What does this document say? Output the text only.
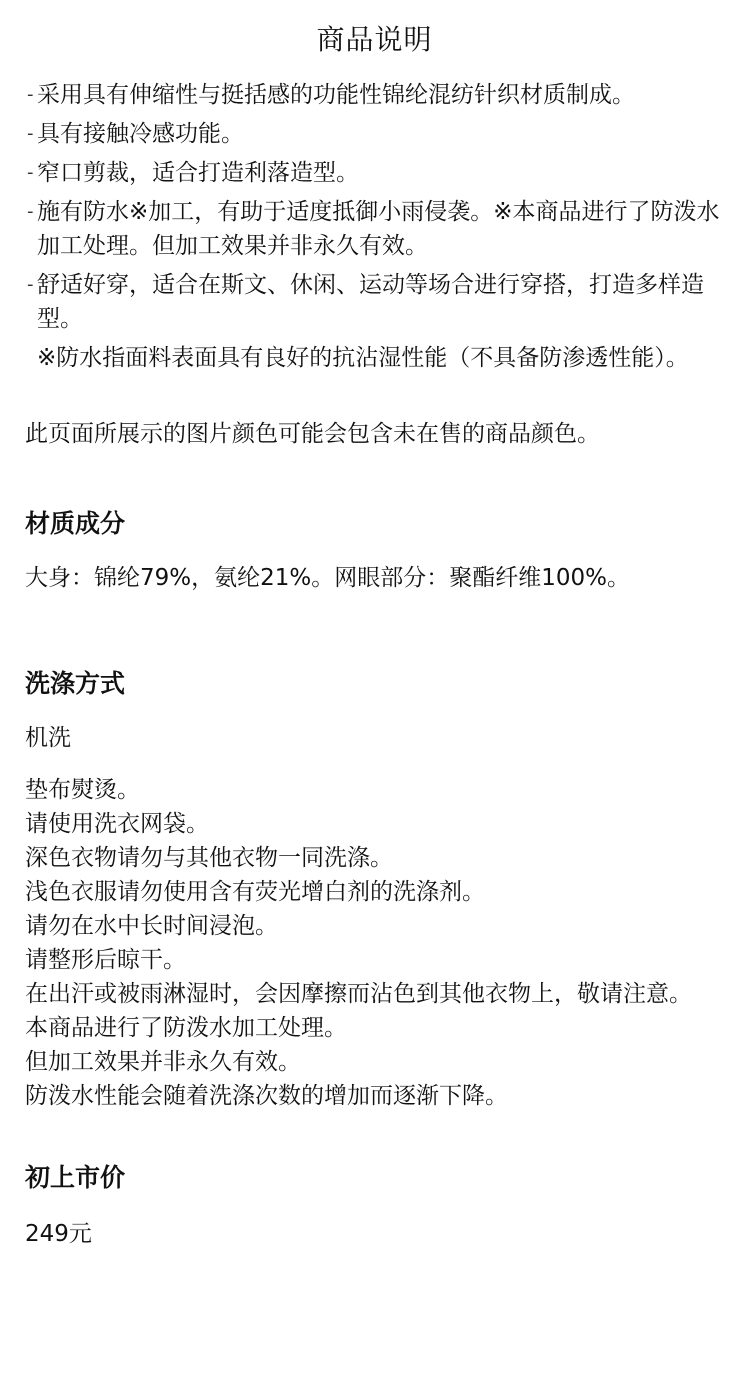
商品说明
- 采用具有伸缩性与挺括感的功能性锦纶混纺针织材质制成。
- 具有接触冷感功能。
- 窄口剪裁，适合打造利落造型。
- 施有防水※加工，有助于适度抵御小雨侵袭。※本商品进行了防泼水加工处理。但加工效果并非永久有效。
- 舒适好穿，适合在斯文、休闲、运动等场合进行穿搭，打造多样造型。
※防水指面料表面具有良好的抗沾湿性能（不具备防渗透性能）。
此页面所展示的图片颜色可能会包含未在售的商品颜色。
材质成分
大身：锦纶79%，氨纶21%。网眼部分：聚酯纤维100%。
洗涤方式
机洗
垫布熨烫。
请使用洗衣网袋。
深色衣物请勿与其他衣物一同洗涤。
浅色衣服请勿使用含有荧光增白剂的洗涤剂。
请勿在水中长时间浸泡。
请整形后晾干。
在出汗或被雨淋湿时，会因摩擦而沾色到其他衣物上，敬请注意。
本商品进行了防泼水加工处理。
但加工效果并非永久有效。
防泼水性能会随着洗涤次数的增加而逐渐下降。
初上市价
249元
